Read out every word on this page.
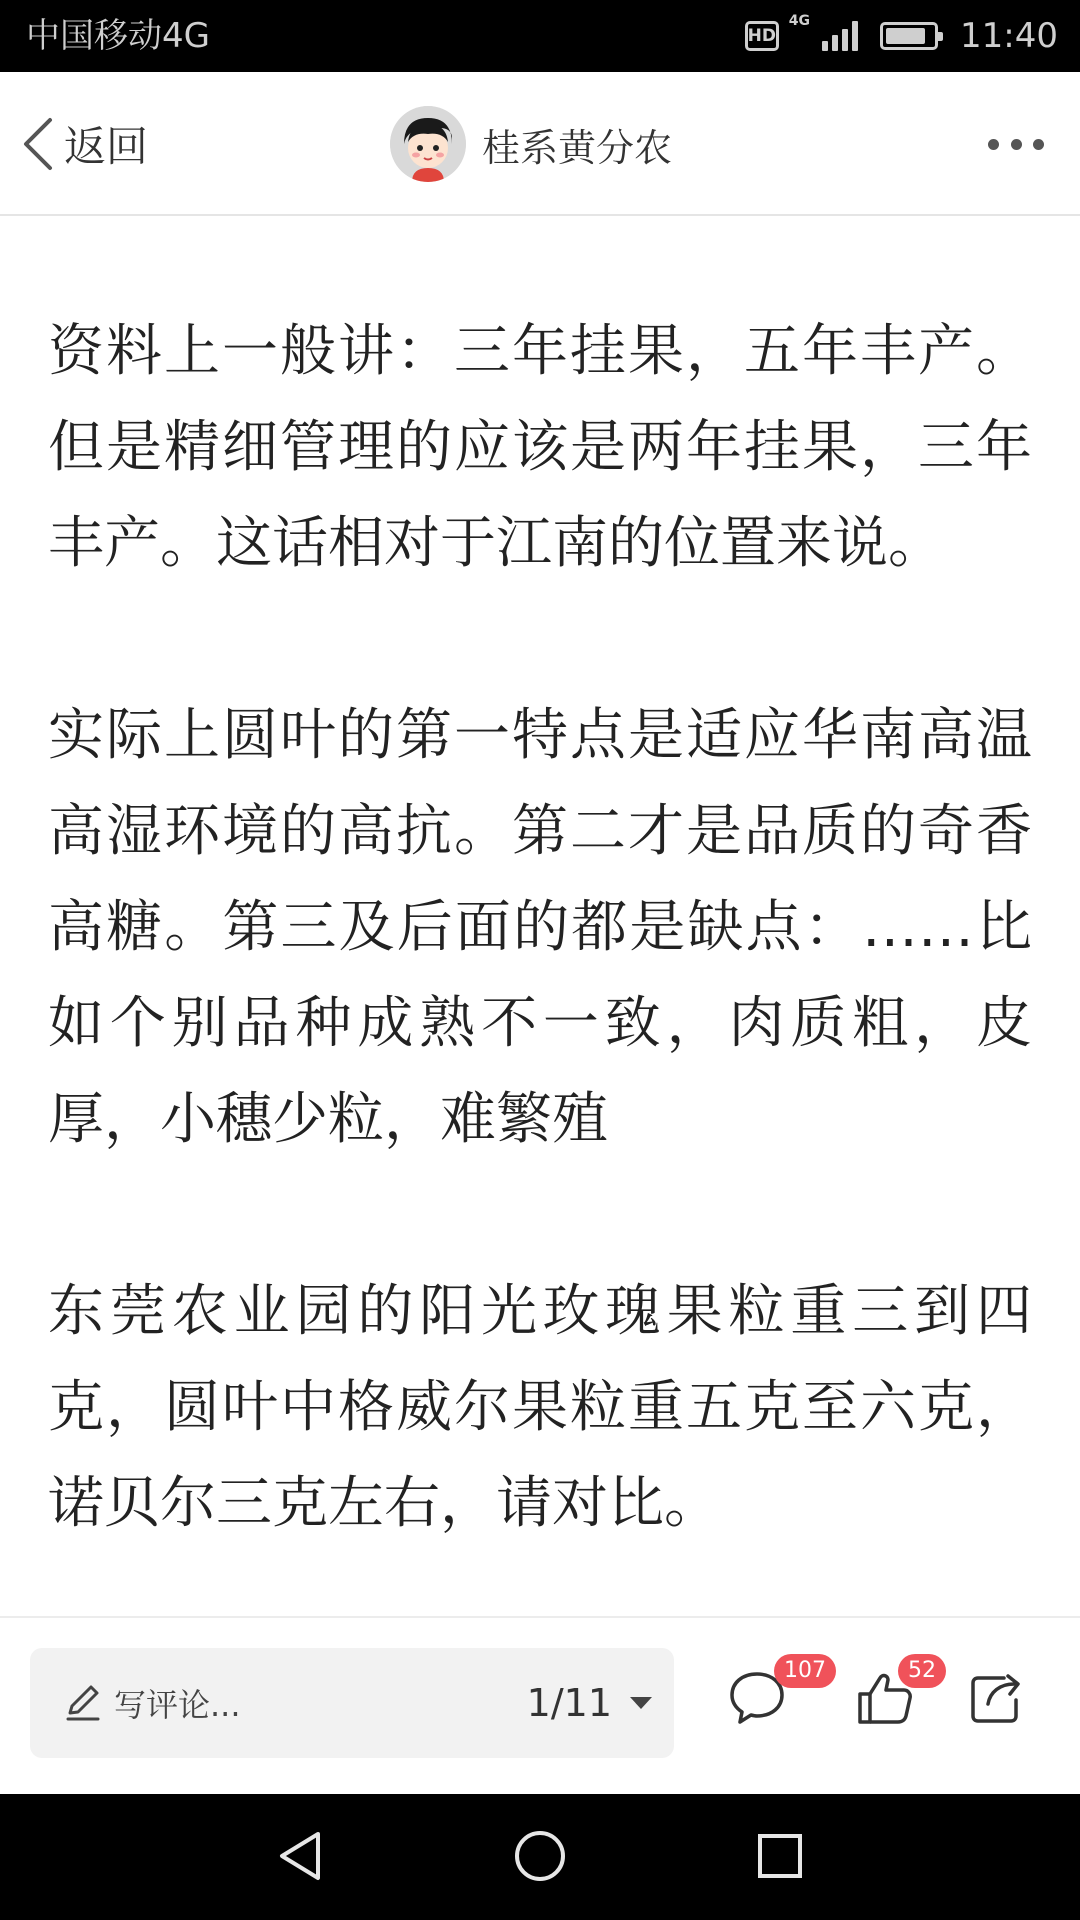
中国移动4G	HD
4G	11:40
返回	桂系黄分农

资料上一般讲：三年挂果，五年丰产。但是精细管理的应该是两年挂果，三年丰产。这话相对于江南的位置来说。

实际上圆叶的第一特点是适应华南高温高湿环境的高抗。第二才是品质的奇香高糖。第三及后面的都是缺点：……比如个别品种成熟不一致，肉质粗，皮厚，小穗少粒，难繁殖

东莞农业园的阳光玫瑰果粒重三到四克，圆叶中格威尔果粒重五克至六克，诺贝尔三克左右，请对比。

写评论...	1/11
107	52
